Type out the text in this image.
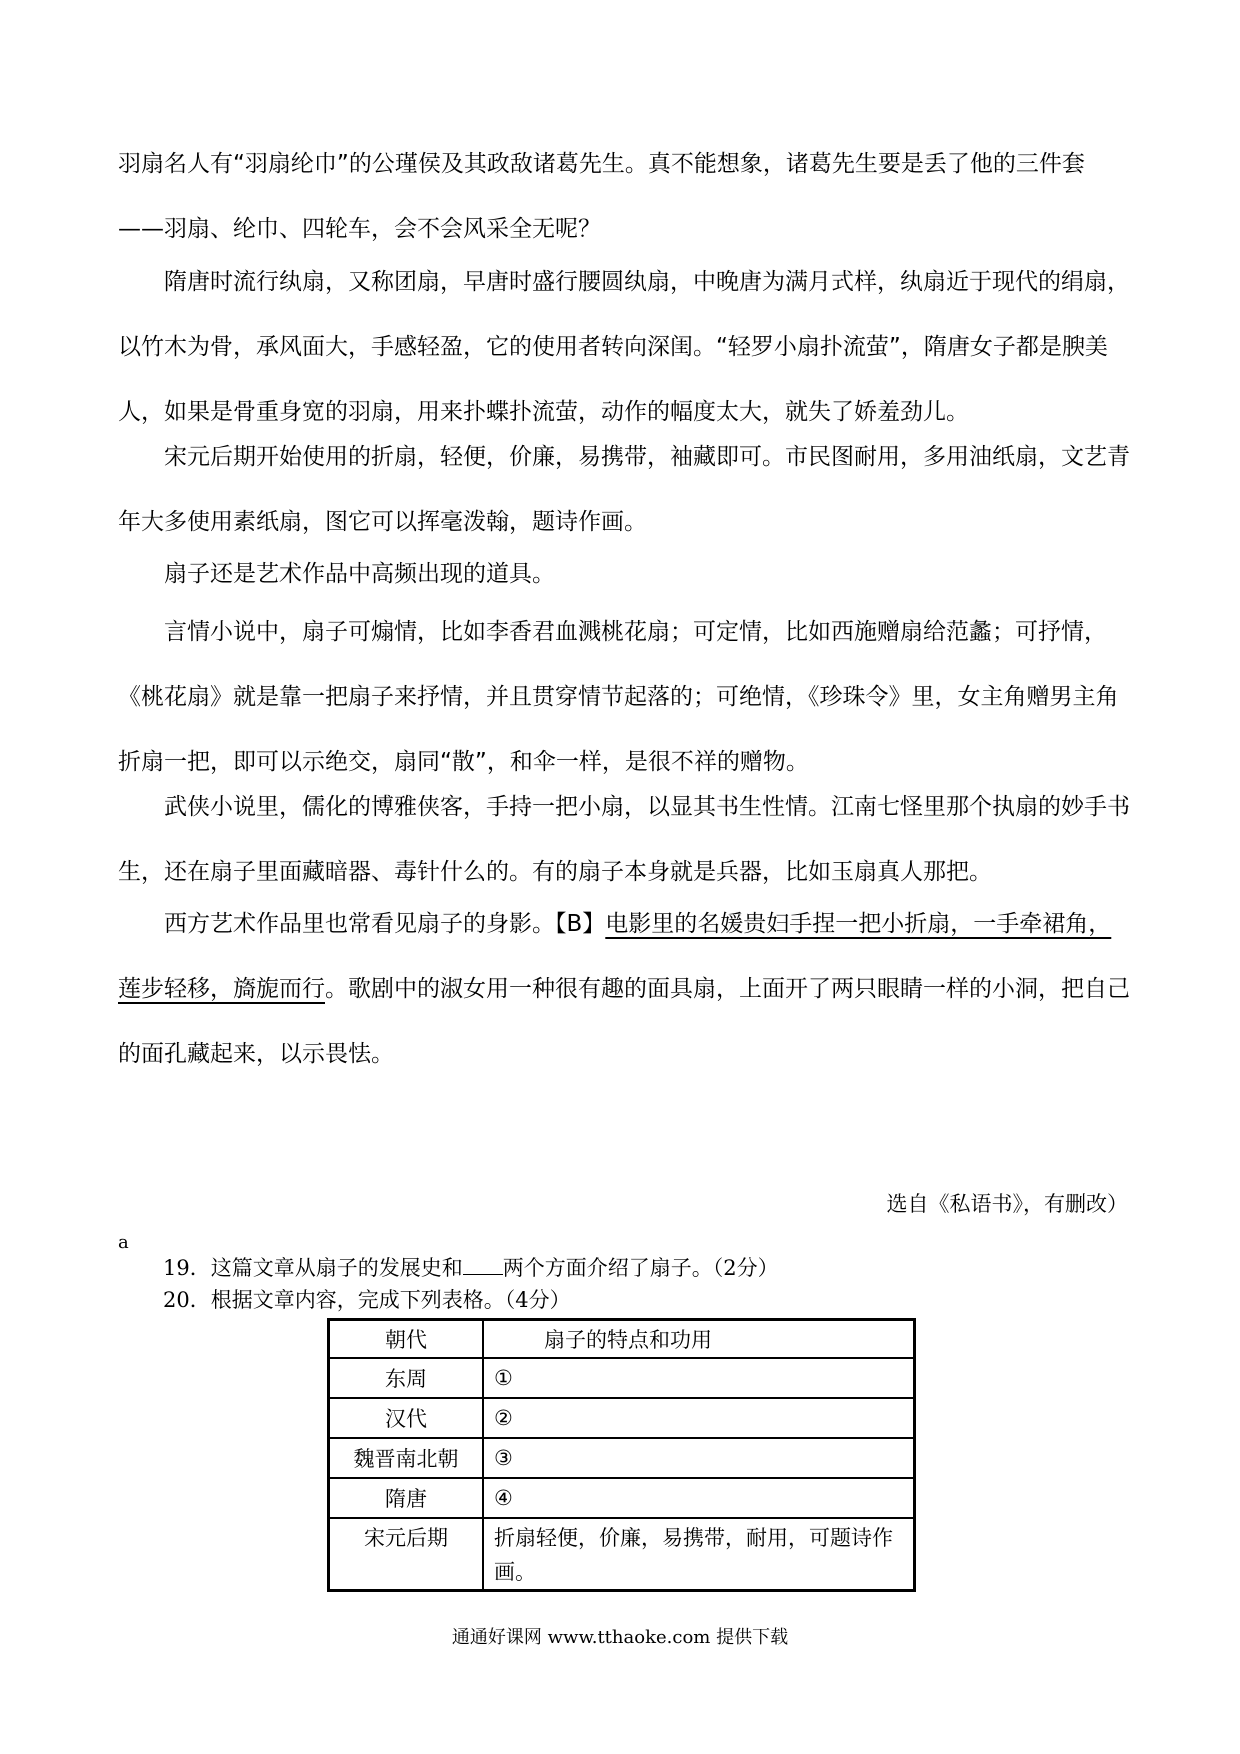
羽扇名人有“羽扇纶巾”的公瑾侯及其政敌诸葛先生。真不能想象，诸葛先生要是丢了他的三件套——羽扇、纶巾、四轮车，会不会风采全无呢？

隋唐时流行纨扇，又称团扇，早唐时盛行腰圆纨扇，中晚唐为满月式样，纨扇近于现代的绢扇，以竹木为骨，承风面大，手感轻盈，它的使用者转向深闺。“轻罗小扇扑流萤”，隋唐女子都是腴美人，如果是骨重身宽的羽扇，用来扑蝶扑流萤，动作的幅度太大，就失了娇羞劲儿。

宋元后期开始使用的折扇，轻便，价廉，易携带，袖藏即可。市民图耐用，多用油纸扇，文艺青年大多使用素纸扇，图它可以挥毫泼翰，题诗作画。

扇子还是艺术作品中高频出现的道具。

言情小说中，扇子可煽情，比如李香君血溅桃花扇；可定情，比如西施赠扇给范蠡；可抒情，《桃花扇》就是靠一把扇子来抒情，并且贯穿情节起落的；可绝情，《珍珠令》里，女主角赠男主角折扇一把，即可以示绝交，扇同“散”，和伞一样，是很不祥的赠物。

武侠小说里，儒化的博雅侠客，手持一把小扇，以显其书生性情。江南七怪里那个执扇的妙手书生，还在扇子里面藏暗器、毒针什么的。有的扇子本身就是兵器，比如玉扇真人那把。

西方艺术作品里也常看见扇子的身影。【B】电影里的名媛贵妇手捏一把小折扇，一手牵裙角，莲步轻移，旖旎而行。歌剧中的淑女用一种很有趣的面具扇，上面开了两只眼睛一样的小洞，把自己的面孔藏起来，以示畏怯。

选自《私语书》，有删改）
a
19．这篇文章从扇子的发展史和 两个方面介绍了扇子。（2分）
20．根据文章内容，完成下列表格。（4分）
朝代	扇子的特点和功用
东周	①
汉代	②
魏晋南北朝	③
隋唐	④
宋元后期	折扇轻便，价廉，易携带，耐用，可题诗作画。
通通好课网 www.tthaoke.com 提供下载
